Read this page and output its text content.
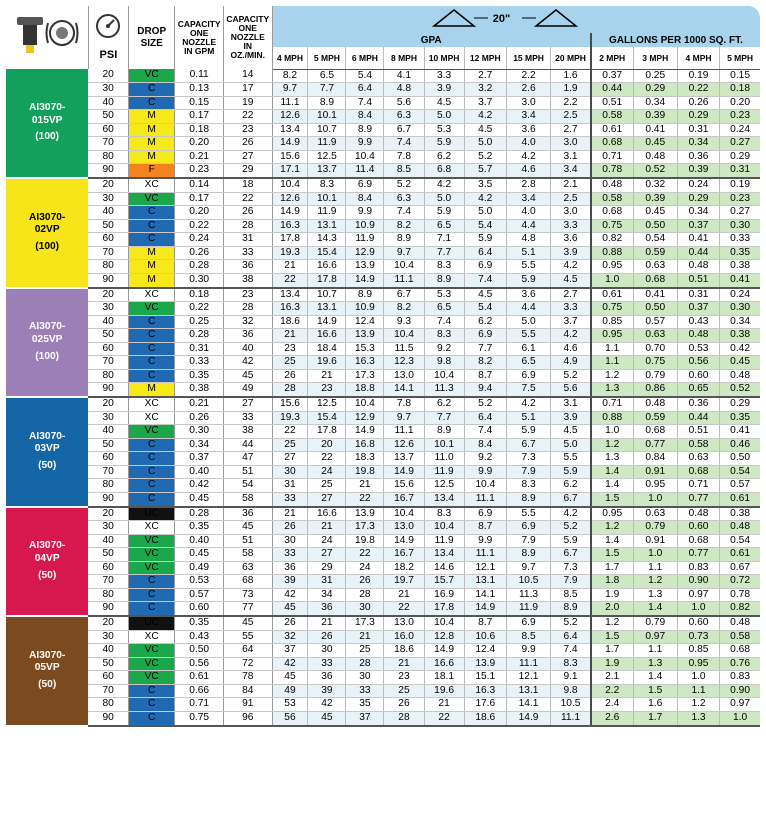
PSI	DROP
SIZE	CAPACITY
ONE
NOZZLE
IN GPM	CAPACITY
ONE
NOZZLE
IN
OZ./MIN.	20"											
					GPA								GALLONS PER 1000 SQ. FT.			
					4 MPH	5 MPH	6 MPH	8 MPH	10 MPH	12 MPH	15 MPH	20 MPH	2 MPH	3 MPH	4 MPH	5 MPH

AI3070-
015VP
(100)	20	VC	0.11	14	8.2	6.5	5.4	4.1	3.3	2.7	2.2	1.6	0.37	0.25	0.19	0.15
	30	C	0.13	17	9.7	7.7	6.4	4.8	3.9	3.2	2.6	1.9	0.44	0.29	0.22	0.18
	40	C	0.15	19	11.1	8.9	7.4	5.6	4.5	3.7	3.0	2.2	0.51	0.34	0.26	0.20
	50	M	0.17	22	12.6	10.1	8.4	6.3	5.0	4.2	3.4	2.5	0.58	0.39	0.29	0.23
	60	M	0.18	23	13.4	10.7	8.9	6.7	5.3	4.5	3.6	2.7	0.61	0.41	0.31	0.24
	70	M	0.20	26	14.9	11.9	9.9	7.4	5.9	5.0	4.0	3.0	0.68	0.45	0.34	0.27
	80	M	0.21	27	15.6	12.5	10.4	7.8	6.2	5.2	4.2	3.1	0.71	0.48	0.36	0.29
	90	F	0.23	29	17.1	13.7	11.4	8.5	6.8	5.7	4.6	3.4	0.78	0.52	0.39	0.31

AI3070-
02VP
(100)	20	XC	0.14	18	10.4	8.3	6.9	5.2	4.2	3.5	2.8	2.1	0.48	0.32	0.24	0.19
	30	VC	0.17	22	12.6	10.1	8.4	6.3	5.0	4.2	3.4	2.5	0.58	0.39	0.29	0.23
	40	C	0.20	26	14.9	11.9	9.9	7.4	5.9	5.0	4.0	3.0	0.68	0.45	0.34	0.27
	50	C	0.22	28	16.3	13.1	10.9	8.2	6.5	5.4	4.4	3.3	0.75	0.50	0.37	0.30
	60	C	0.24	31	17.8	14.3	11.9	8.9	7.1	5.9	4.8	3.6	0.82	0.54	0.41	0.33
	70	M	0.26	33	19.3	15.4	12.9	9.7	7.7	6.4	5.1	3.9	0.88	0.59	0.44	0.35
	80	M	0.28	36	21	16.6	13.9	10.4	8.3	6.9	5.5	4.2	0.95	0.63	0.48	0.38
	90	M	0.30	38	22	17.8	14.9	11.1	8.9	7.4	5.9	4.5	1.0	0.68	0.51	0.41

AI3070-
025VP
(100)	20	XC	0.18	23	13.4	10.7	8.9	6.7	5.3	4.5	3.6	2.7	0.61	0.41	0.31	0.24
	30	VC	0.22	28	16.3	13.1	10.9	8.2	6.5	5.4	4.4	3.3	0.75	0.50	0.37	0.30
	40	C	0.25	32	18.6	14.9	12.4	9.3	7.4	6.2	5.0	3.7	0.85	0.57	0.43	0.34
	50	C	0.28	36	21	16.6	13.9	10.4	8.3	6.9	5.5	4.2	0.95	0.63	0.48	0.38
	60	C	0.31	40	23	18.4	15.3	11.5	9.2	7.7	6.1	4.6	1.1	0.70	0.53	0.42
	70	C	0.33	42	25	19.6	16.3	12.3	9.8	8.2	6.5	4.9	1.1	0.75	0.56	0.45
	80	C	0.35	45	26	21	17.3	13.0	10.4	8.7	6.9	5.2	1.2	0.79	0.60	0.48
	90	M	0.38	49	28	23	18.8	14.1	11.3	9.4	7.5	5.6	1.3	0.86	0.65	0.52

AI3070-
03VP
(50)	20	XC	0.21	27	15.6	12.5	10.4	7.8	6.2	5.2	4.2	3.1	0.71	0.48	0.36	0.29
	30	XC	0.26	33	19.3	15.4	12.9	9.7	7.7	6.4	5.1	3.9	0.88	0.59	0.44	0.35
	40	VC	0.30	38	22	17.8	14.9	11.1	8.9	7.4	5.9	4.5	1.0	0.68	0.51	0.41
	50	C	0.34	44	25	20	16.8	12.6	10.1	8.4	6.7	5.0	1.2	0.77	0.58	0.46
	60	C	0.37	47	27	22	18.3	13.7	11.0	9.2	7.3	5.5	1.3	0.84	0.63	0.50
	70	C	0.40	51	30	24	19.8	14.9	11.9	9.9	7.9	5.9	1.4	0.91	0.68	0.54
	80	C	0.42	54	31	25	21	15.6	12.5	10.4	8.3	6.2	1.4	0.95	0.71	0.57
	90	C	0.45	58	33	27	22	16.7	13.4	11.1	8.9	6.7	1.5	1.0	0.77	0.61

AI3070-
04VP
(50)	20	UC	0.28	36	21	16.6	13.9	10.4	8.3	6.9	5.5	4.2	0.95	0.63	0.48	0.38
	30	XC	0.35	45	26	21	17.3	13.0	10.4	8.7	6.9	5.2	1.2	0.79	0.60	0.48
	40	VC	0.40	51	30	24	19.8	14.9	11.9	9.9	7.9	5.9	1.4	0.91	0.68	0.54
	50	VC	0.45	58	33	27	22	16.7	13.4	11.1	8.9	6.7	1.5	1.0	0.77	0.61
	60	VC	0.49	63	36	29	24	18.2	14.6	12.1	9.7	7.3	1.7	1.1	0.83	0.67
	70	C	0.53	68	39	31	26	19.7	15.7	13.1	10.5	7.9	1.8	1.2	0.90	0.72
	80	C	0.57	73	42	34	28	21	16.9	14.1	11.3	8.5	1.9	1.3	0.97	0.78
	90	C	0.60	77	45	36	30	22	17.8	14.9	11.9	8.9	2.0	1.4	1.0	0.82

AI3070-
05VP
(50)	20	UC	0.35	45	26	21	17.3	13.0	10.4	8.7	6.9	5.2	1.2	0.79	0.60	0.48
	30	XC	0.43	55	32	26	21	16.0	12.8	10.6	8.5	6.4	1.5	0.97	0.73	0.58
	40	VC	0.50	64	37	30	25	18.6	14.9	12.4	9.9	7.4	1.7	1.1	0.85	0.68
	50	VC	0.56	72	42	33	28	21	16.6	13.9	11.1	8.3	1.9	1.3	0.95	0.76
	60	VC	0.61	78	45	36	30	23	18.1	15.1	12.1	9.1	2.1	1.4	1.0	0.83
	70	C	0.66	84	49	39	33	25	19.6	16.3	13.1	9.8	2.2	1.5	1.1	0.90
	80	C	0.71	91	53	42	35	26	21	17.6	14.1	10.5	2.4	1.6	1.2	0.97
	90	C	0.75	96	56	45	37	28	22	18.6	14.9	11.1	2.6	1.7	1.3	1.0
